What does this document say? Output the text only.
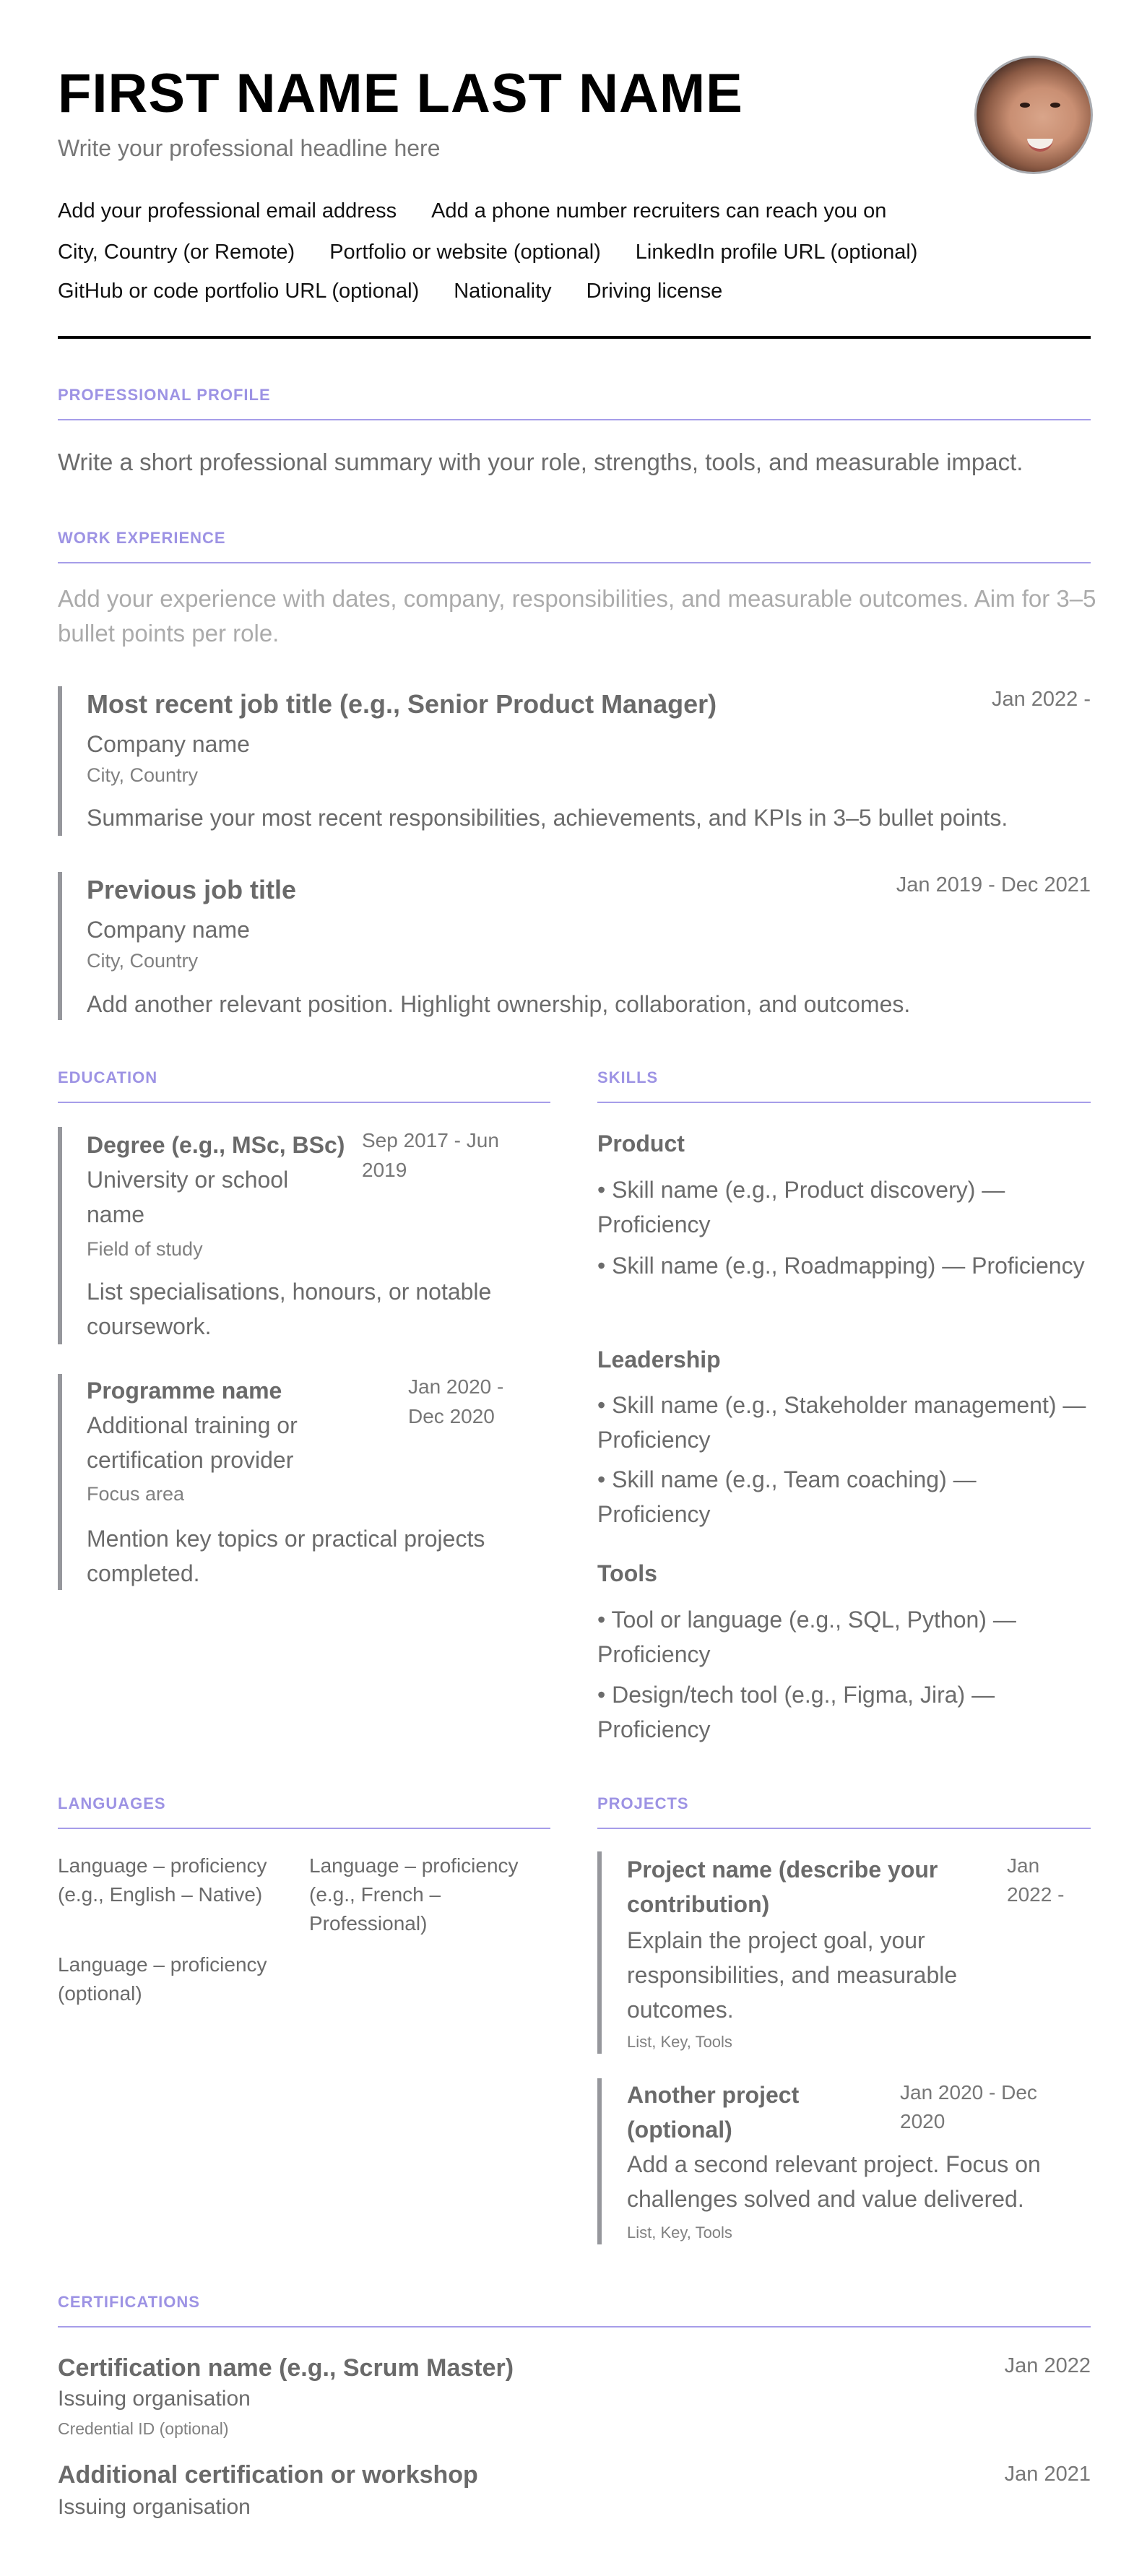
FIRST NAME LAST NAME
Write your professional headline here
Add your professional email address Add a phone number recruiters can reach you on
City, Country (or Remote) Portfolio or website (optional) LinkedIn profile URL (optional)
GitHub or code portfolio URL (optional) Nationality Driving license
PROFESSIONAL PROFILE

Write a short professional summary with your role, strengths, tools, and measurable impact.

WORK EXPERIENCE

Add your experience with dates, company, responsibilities, and measurable outcomes. Aim for 3–5 bullet points per role.

Most recent job title (e.g., Senior Product Manager)	Jan 2022 -
Company name
City, Country
Summarise your most recent responsibilities, achievements, and KPIs in 3–5 bullet points.
Previous job title	Jan 2019 - Dec 2021
Company name
City, Country
Add another relevant position. Highlight ownership, collaboration, and outcomes.
EDUCATION
Degree (e.g., MSc, BSc) Sep 2017 - Jun 2019
University or school name
Field of study
List specialisations, honours, or notable coursework.
Programme name	Jan 2020 - Dec 2020
Additional training or certification provider
Focus area
Mention key topics or practical projects completed.
SKILLS
Product
• Skill name (e.g., Product discovery) — Proficiency
• Skill name (e.g., Roadmapping) — Proficiency
Leadership
• Skill name (e.g., Stakeholder management) — Proficiency
• Skill name (e.g., Team coaching) — Proficiency
Tools
• Tool or language (e.g., SQL, Python) — Proficiency
• Design/tech tool (e.g., Figma, Jira) — Proficiency
LANGUAGES
Language – proficiency (e.g., English – Native)
Language – proficiency (e.g., French – Professional)
Language – proficiency (optional)
PROJECTS
Project name (describe your contribution)
Jan 2022 -
Explain the project goal, your responsibilities, and measurable outcomes.
List, Key, Tools
Another project (optional)
Jan 2020 - Dec 2020
Add a second relevant project. Focus on challenges solved and value delivered.
List, Key, Tools
CERTIFICATIONS
Certification name (e.g., Scrum Master)	Jan 2022
Issuing organisation
Credential ID (optional)
Additional certification or workshop	Jan 2021
Issuing organisation
